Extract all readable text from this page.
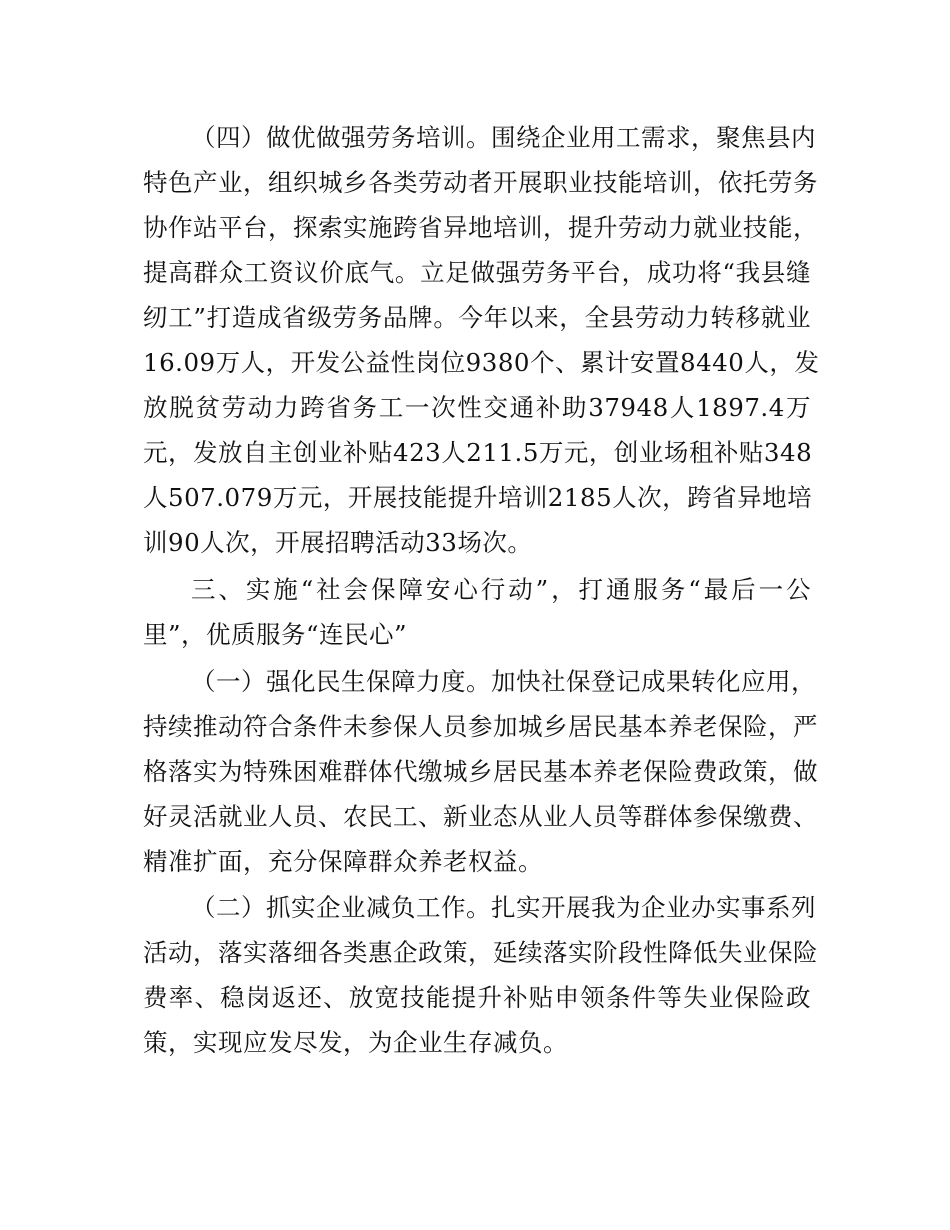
（四）做优做强劳务培训。围绕企业用工需求，聚焦县内

特色产业，组织城乡各类劳动者开展职业技能培训，依托劳务

协作站平台，探索实施跨省异地培训，提升劳动力就业技能，

提高群众工资议价底气。立足做强劳务平台，成功将“我县缝

纫工”打造成省级劳务品牌。今年以来，全县劳动力转移就业

16.09万人，开发公益性岗位9380个、累计安置8440人，发

放脱贫劳动力跨省务工一次性交通补助37948人1897.4万

元，发放自主创业补贴423人211.5万元，创业场租补贴348

人507.079万元，开展技能提升培训2185人次，跨省异地培

训90人次，开展招聘活动33场次。

三、实施“社会保障安心行动”，打通服务“最后一公

里”，优质服务“连民心”

（一）强化民生保障力度。加快社保登记成果转化应用，

持续推动符合条件未参保人员参加城乡居民基本养老保险，严

格落实为特殊困难群体代缴城乡居民基本养老保险费政策，做

好灵活就业人员、农民工、新业态从业人员等群体参保缴费、

精准扩面，充分保障群众养老权益。

（二）抓实企业减负工作。扎实开展我为企业办实事系列

活动，落实落细各类惠企政策，延续落实阶段性降低失业保险

费率、稳岗返还、放宽技能提升补贴申领条件等失业保险政

策，实现应发尽发，为企业生存减负。
